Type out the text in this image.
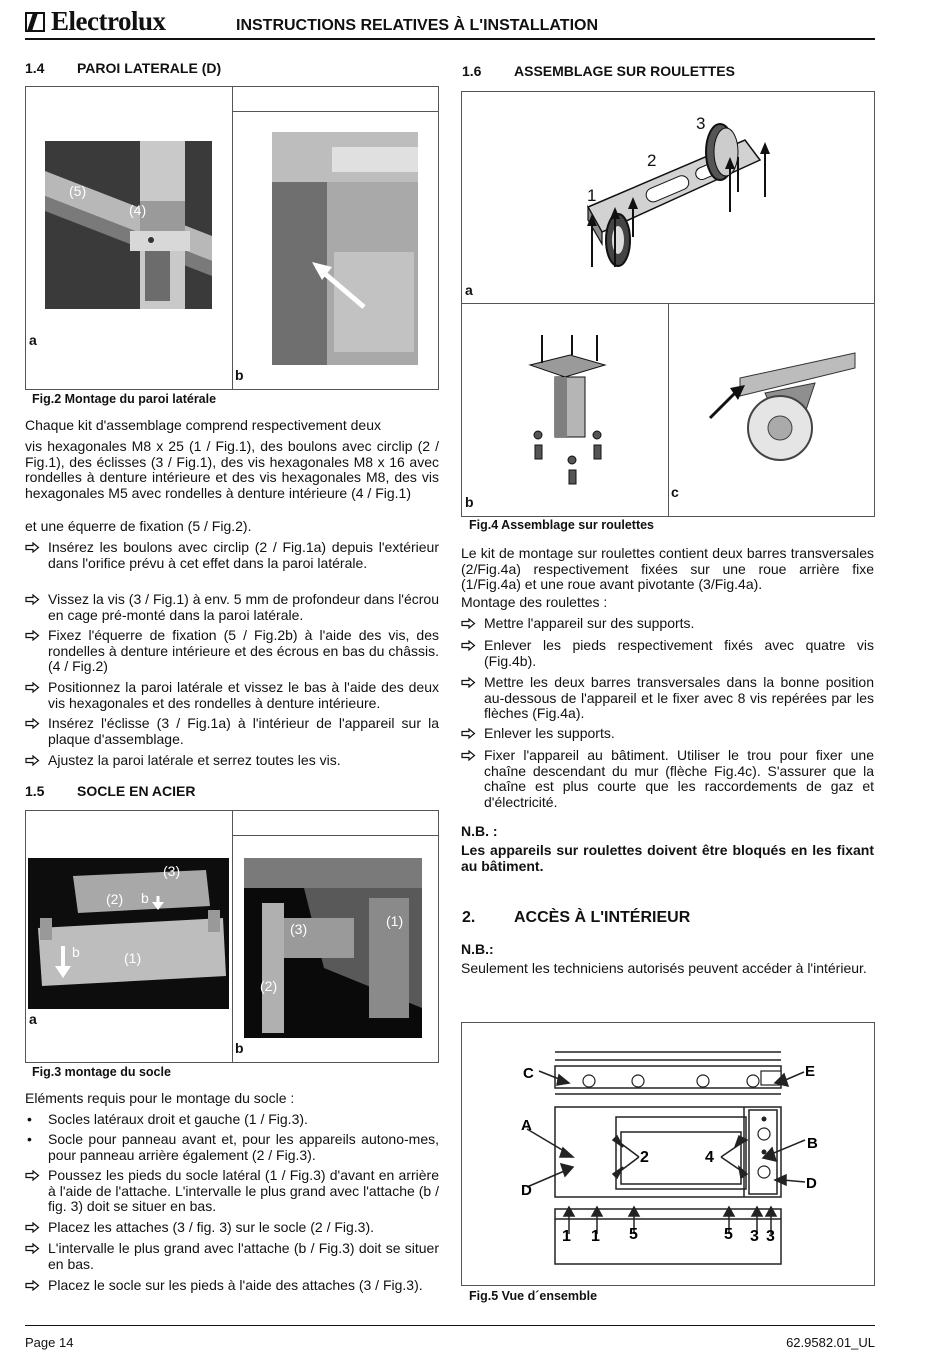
Electrolux	INSTRUCTIONS RELATIVES À L'INSTALLATION
1.4 PAROI LATERALE (D)
(5)
(4)
a
b
Fig.2 Montage du paroi latérale
Chaque kit d'assemblage comprend respectivement deux
vis hexagonales M8 x 25 (1 / Fig.1), des boulons avec circlip (2 / Fig.1), des éclisses (3 / Fig.1), des vis hexagonales M8 x 16 avec rondelles à denture intérieure et des vis hexagonales M8, des vis hexagonales M5 avec rondelles à denture intérieure (4 / Fig.1)
et une équerre de fixation (5 / Fig.2).
Insérez les boulons avec circlip (2 / Fig.1a) depuis l'extérieur dans l'orifice prévu à cet effet dans la paroi latérale.
Vissez la vis (3 / Fig.1) à env. 5 mm de profondeur dans l'écrou en cage pré-monté dans la paroi latérale.
Fixez l'équerre de fixation (5 / Fig.2b) à l'aide des vis, des rondelles à denture intérieure et des écrous en bas du châssis. (4 / Fig.2)
Positionnez la paroi latérale et vissez le bas à l'aide des deux vis hexagonales et des rondelles à denture intérieure.
Insérez l'éclisse (3 / Fig.1a) à l'intérieur de l'appareil sur la plaque d'assemblage.
Ajustez la paroi latérale et serrez toutes les vis.
1.5 SOCLE EN ACIER
(3)
(2) b
b	(1)
(3)	(1)
(2)
a
b
Fig.3 montage du socle
Eléments requis pour le montage du socle :
• Socles latéraux droit et gauche (1 / Fig.3).
• Socle pour panneau avant et, pour les appareils autono-mes, pour panneau arrière également (2 / Fig.3).
Poussez les pieds du socle latéral (1 / Fig.3) d'avant en arrière à l'aide de l'attache. L'intervalle le plus grand avec l'attache (b / fig. 3) doit se situer en bas.
Placez les attaches (3 / fig. 3) sur le socle (2 / Fig.3).
L'intervalle le plus grand avec l'attache (b / Fig.3) doit se situer en bas.
Placez le socle sur les pieds à l'aide des attaches (3 / Fig.3).
1.6 ASSEMBLAGE SUR ROULETTES
1
2
3
a
b
c
Fig.4 Assemblage sur roulettes
Le kit de montage sur roulettes contient deux barres transversales (2/Fig.4a) respectivement fixées sur une roue arrière fixe (1/Fig.4a) et une roue avant pivotante (3/Fig.4a).
Montage des roulettes :
Mettre l'appareil sur des supports.
Enlever les pieds respectivement fixés avec quatre vis (Fig.4b).
Mettre les deux barres transversales dans la bonne position au-dessous de l'appareil et le fixer avec 8 vis repérées par les flèches (Fig.4a).
Enlever les supports.
Fixer l'appareil au bâtiment. Utiliser le trou pour fixer une chaîne descendant du mur (flèche Fig.4c). S'assurer que la chaîne est plus courte que les raccordements de gaz et d'électricité.
N.B. :
Les appareils sur roulettes doivent être bloqués en les fixant au bâtiment.
2. ACCÈS À L'INTÉRIEUR
N.B.:
Seulement les techniciens autorisés peuvent accéder à l'intérieur.
C	E
A
B
D	D
2	4
1 1 5	5 3 3
Fig.5 Vue d´ensemble
Page 14	62.9582.01_UL
